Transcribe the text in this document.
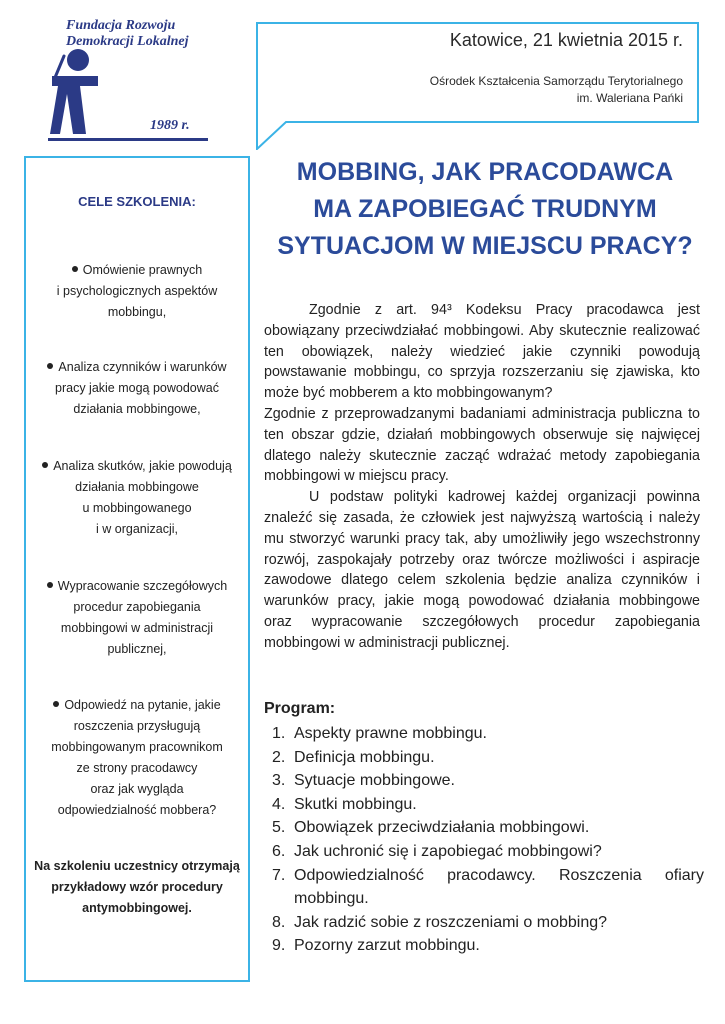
Fundacja Rozwoju
Demokracji Lokalnej
1989 r.
Katowice, 21 kwietnia 2015 r.
Ośrodek Kształcenia Samorządu Terytorialnego
im. Waleriana Pańki
CELE SZKOLENIA:
Omówienie prawnych
i psychologicznych aspektów
mobbingu,
Analiza czynników i warunków
pracy jakie mogą powodować
działania mobbingowe,
Analiza skutków, jakie powodują
działania mobbingowe
u mobbingowanego
i w organizacji,
Wypracowanie szczegółowych
procedur zapobiegania
mobbingowi w administracji
publicznej,
Odpowiedź na pytanie, jakie
roszczenia przysługują
mobbingowanym pracownikom
ze strony pracodawcy
oraz jak wygląda
odpowiedzialność mobbera?
Na szkoleniu uczestnicy otrzymają
przykładowy wzór procedury
antymobbingowej.
MOBBING, JAK PRACODAWCA
MA ZAPOBIEGAĆ TRUDNYM
SYTUACJOM W MIEJSCU PRACY?

Zgodnie z art. 94³ Kodeksu Pracy pracodawca jest obowiązany przeciwdziałać mobbingowi. Aby skutecznie realizować ten obowiązek, należy wiedzieć jakie czynniki powodują powstawanie mobbingu, co sprzyja rozszerzaniu się zjawiska, kto może być mobberem a kto mobbingowanym?

Zgodnie z przeprowadzanymi badaniami administracja publiczna to ten obszar gdzie, działań mobbingowych obserwuje się najwięcej dlatego należy skutecznie zacząć wdrażać metody zapobiegania mobbingowi w miejscu pracy.

U podstaw polityki kadrowej każdej organizacji powinna znaleźć się zasada, że człowiek jest najwyższą wartością i należy mu stworzyć warunki pracy tak, aby umożliwiły jego wszechstronny rozwój, zaspokajały potrzeby oraz twórcze możliwości i aspiracje zawodowe dlatego celem szkolenia będzie analiza czynników i warunków pracy, jakie mogą powodować działania mobbingowe oraz wypracowanie szczegółowych procedur zapobiegania mobbingowi w administracji publicznej.

Program:
1. Aspekty prawne mobbingu.
2. Definicja mobbingu.
3. Sytuacje mobbingowe.
4. Skutki mobbingu.
5. Obowiązek przeciwdziałania mobbingowi.
6. Jak uchronić się i zapobiegać mobbingowi?
7. Odpowiedzialność pracodawcy. Roszczenia ofiary mobbingu.
8. Jak radzić sobie z roszczeniami o mobbing?
9. Pozorny zarzut mobbingu.
